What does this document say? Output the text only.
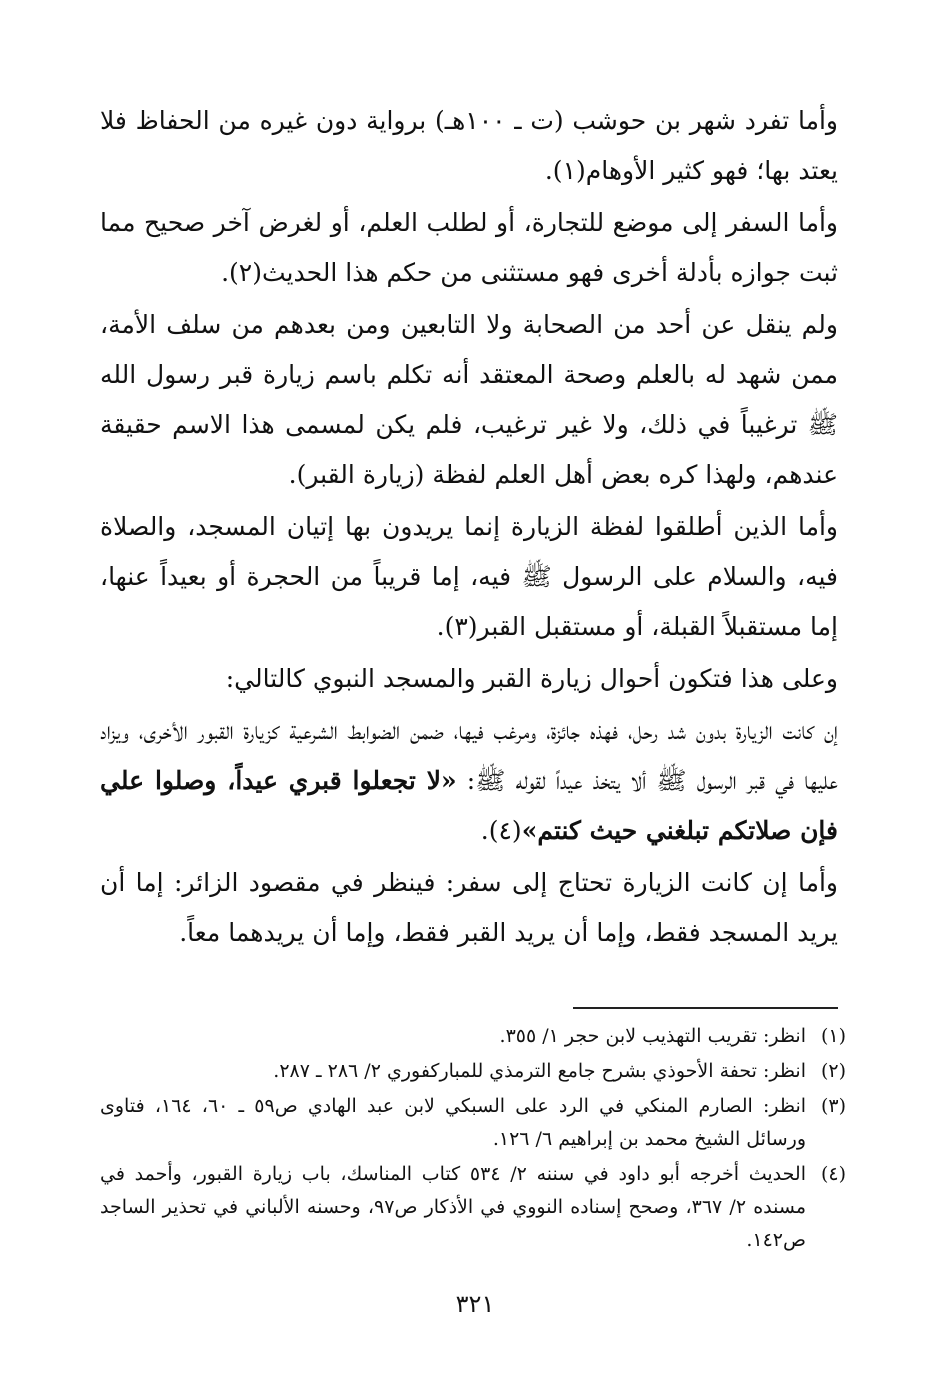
وأما تفرد شهر بن حوشب (ت ـ ١٠٠هـ) برواية دون غيره من الحفاظ فلا يعتد بها؛ فهو كثير الأوهام(١).

وأما السفر إلى موضع للتجارة، أو لطلب العلم، أو لغرض آخر صحيح مما ثبت جوازه بأدلة أخرى فهو مستثنى من حكم هذا الحديث(٢).

ولم ينقل عن أحد من الصحابة ولا التابعين ومن بعدهم من سلف الأمة، ممن شهد له بالعلم وصحة المعتقد أنه تكلم باسم زيارة قبر رسول الله ﷺ ترغيباً في ذلك، ولا غير ترغيب، فلم يكن لمسمى هذا الاسم حقيقة عندهم، ولهذا كره بعض أهل العلم لفظة (زيارة القبر).

وأما الذين أطلقوا لفظة الزيارة إنما يريدون بها إتيان المسجد، والصلاة فيه، والسلام على الرسول ﷺ فيه، إما قريباً من الحجرة أو بعيداً عنها، إما مستقبلاً القبلة، أو مستقبل القبر(٣).

وعلى هذا فتكون أحوال زيارة القبر والمسجد النبوي كالتالي:

إن كانت الزيارة بدون شد رحل، فهذه جائزة، ومرغب فيها، ضمن الضوابط الشرعية كزيارة القبور الأخرى، ويزاد عليها في قبر الرسول ﷺ ألا يتخذ عيداً لقوله ﷺ: «لا تجعلوا قبري عيداً، وصلوا علي فإن صلاتكم تبلغني حيث كنتم»(٤).

وأما إن كانت الزيارة تحتاج إلى سفر: فينظر في مقصود الزائر: إما أن يريد المسجد فقط، وإما أن يريد القبر فقط، وإما أن يريدهما معاً.

(١)
انظر: تقريب التهذيب لابن حجر ١/ ٣٥٥.
(٢)
انظر: تحفة الأحوذي بشرح جامع الترمذي للمباركفوري ٢/ ٢٨٦ ـ ٢٨٧.
(٣)
انظر: الصارم المنكي في الرد على السبكي لابن عبد الهادي ص٥٩ ـ ٦٠، ١٦٤، فتاوى ورسائل الشيخ محمد بن إبراهيم ٦/ ١٢٦.
(٤)
الحديث أخرجه أبو داود في سننه ٢/ ٥٣٤ كتاب المناسك، باب زيارة القبور، وأحمد في مسنده ٢/ ٣٦٧، وصحح إسناده النووي في الأذكار ص٩٧، وحسنه الألباني في تحذير الساجد ص١٤٢.
٣٢١
